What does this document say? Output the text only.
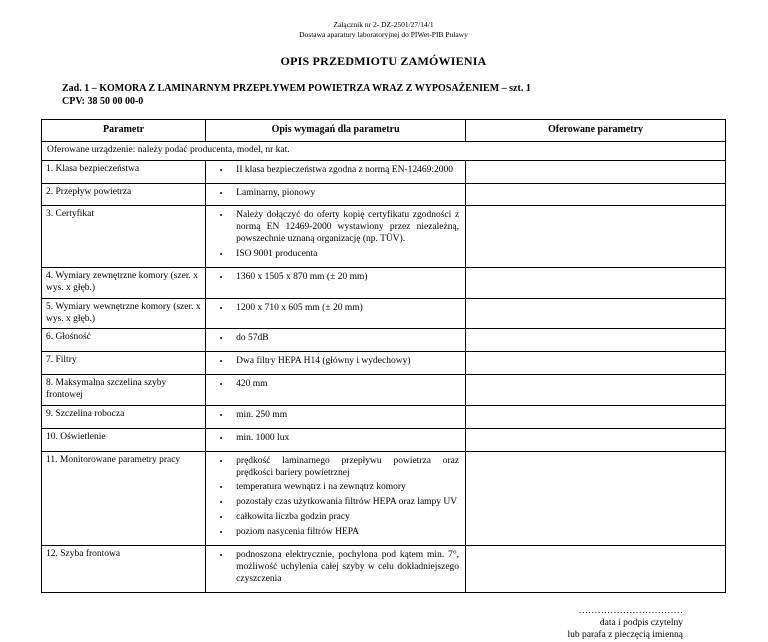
Załącznik nr 2- DZ-2501/27/14/1
Dostawa aparatury laboratoryjnej do PIWet-PIB Puławy
OPIS PRZEDMIOTU ZAMÓWIENIA
Zad. 1 – KOMORA Z LAMINARNYM PRZEPŁYWEM POWIETRZA WRAZ Z WYPOSAŻENIEM – szt. 1
CPV: 38 50 00 00-0
Parametr	Opis wymagań dla parametru	Oferowane parametry
Oferowane urządzenie: należy podać producenta, model, nr kat.		
1. Klasa bezpieczeństwa	
•II klasa bezpieczeństwa zgodna z normą EN-12469:2000

2. Przepływ powietrza	
•Laminarny, pionowy

3. Certyfikat	
•Należy dołączyć do oferty kopię certyfikatu zgodności z normą EN 12469-2000 wystawiony przez niezależną, powszechnie uznaną organizację (np. TÜV).
• ISO 9001 producenta

4. Wymiary zewnętrzne komory (szer. x wys. x głęb.)	
• 1360 x 1505 x 870 mm (± 20 mm)

5. Wymiary wewnętrzne komory (szer. x wys. x głęb.)	
• 1200 x 710 x 605 mm (± 20 mm)

6. Głośność	
•do 57dB

7. Filtry	
•Dwa filtry HEPA H14 (główny i wydechowy)

8. Maksymalna szczelina szyby frontowej	
• 420 mm

9. Szczelina robocza	
•min. 250 mm

10. Oświetlenie	
•min. 1000 lux

11. Monitorowane parametry pracy	
•prędkość laminarnego przepływu powietrza oraz prędkości bariery powietrznej
• temperatura wewnątrz i na zewnątrz komory
• pozostały czas użytkowania filtrów HEPA oraz lampy UV
• całkowita liczba godzin pracy
• poziom nasycenia filtrów HEPA

12. Szyba frontowa	
•podnoszona elektrycznie, pochylona pod kątem min. 7°, możliwość uchylenia całej szyby w celu dokładniejszego czyszczenia

……………………………
data i podpis czytelny
lub parafa z pieczęcią imienną
